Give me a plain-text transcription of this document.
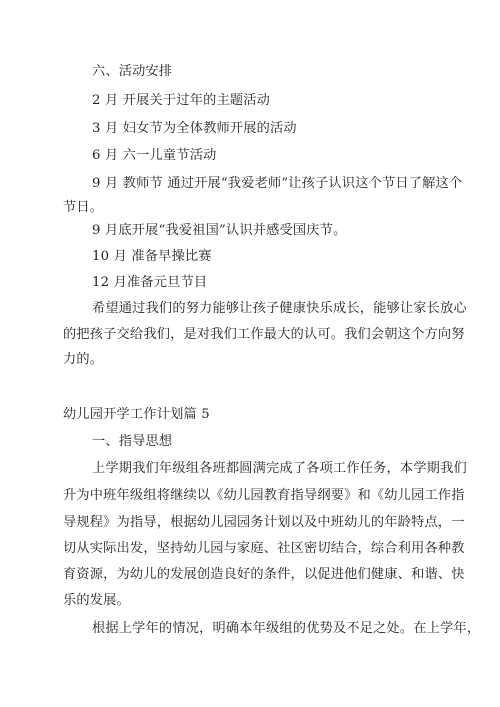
六、活动安排
2 月 开展关于过年的主题活动
3 月 妇女节为全体教师开展的活动
6 月 六一儿童节活动
9 月 教师节 通过开展“我爱老师”让孩子认识这个节日了解这个
节日。
9 月底开展“我爱祖国”认识并感受国庆节。
10 月 准备早操比赛
12 月准备元旦节目
希望通过我们的努力能够让孩子健康快乐成长，能够让家长放心
的把孩子交给我们，是对我们工作最大的认可。我们会朝这个方向努
力的。
幼儿园开学工作计划篇 5
一、指导思想
上学期我们年级组各班都圆满完成了各项工作任务，本学期我们
升为中班年级组将继续以《幼儿园教育指导纲要》和《幼儿园工作指
导规程》为指导，根据幼儿园园务计划以及中班幼儿的年龄特点，一
切从实际出发，坚持幼儿园与家庭、社区密切结合，综合利用各种教
育资源，为幼儿的发展创造良好的条件，以促进他们健康、和谐、快
乐的发展。
根据上学年的情况，明确本年级组的优势及不足之处。在上学年，
